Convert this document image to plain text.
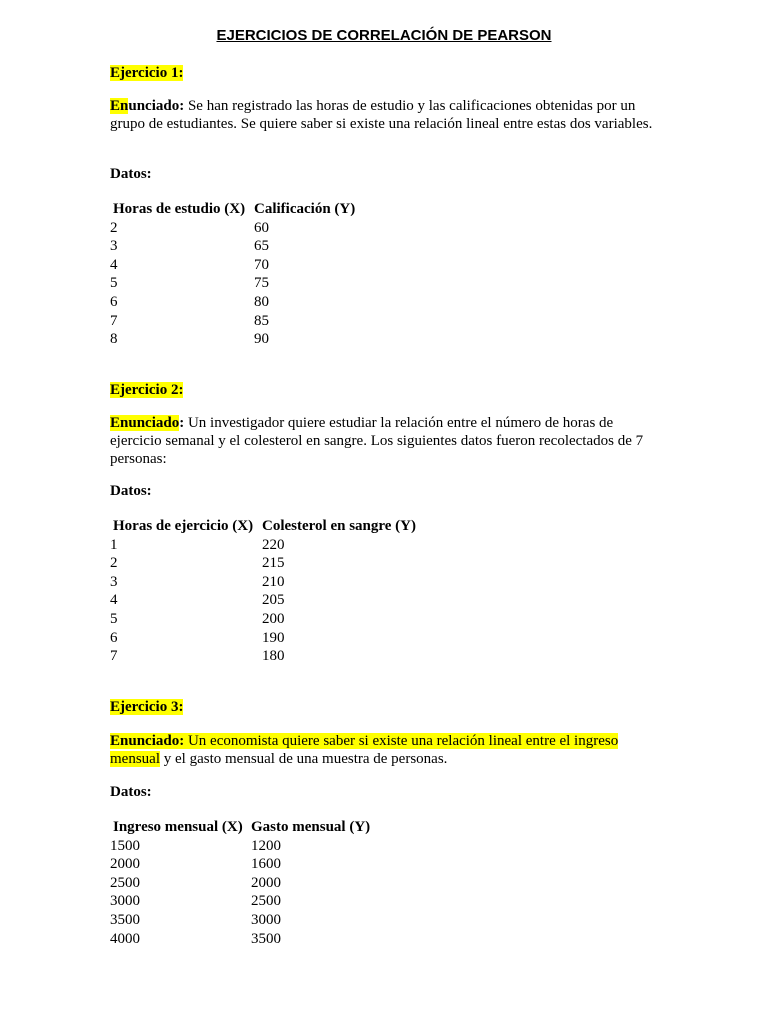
EJERCICIOS DE CORRELACIÓN DE PEARSON
Ejercicio 1:

Enunciado: Se han registrado las horas de estudio y las calificaciones obtenidas por un grupo de estudiantes. Se quiere saber si existe una relación lineal entre estas dos variables.

Datos:
Horas de estudio (X)	Calificación (Y)
2	60
3	65
4	70
5	75
6	80
7	85
8	90
Ejercicio 2:

Enunciado: Un investigador quiere estudiar la relación entre el número de horas de ejercicio semanal y el colesterol en sangre. Los siguientes datos fueron recolectados de 7 personas:

Datos:
Horas de ejercicio (X)	Colesterol en sangre (Y)
1	220
2	215
3	210
4	205
5	200
6	190
7	180
Ejercicio 3:

Enunciado: Un economista quiere saber si existe una relación lineal entre el ingreso mensual y el gasto mensual de una muestra de personas.

Datos:
Ingreso mensual (X)	Gasto mensual (Y)
1500	1200
2000	1600
2500	2000
3000	2500
3500	3000
4000	3500
